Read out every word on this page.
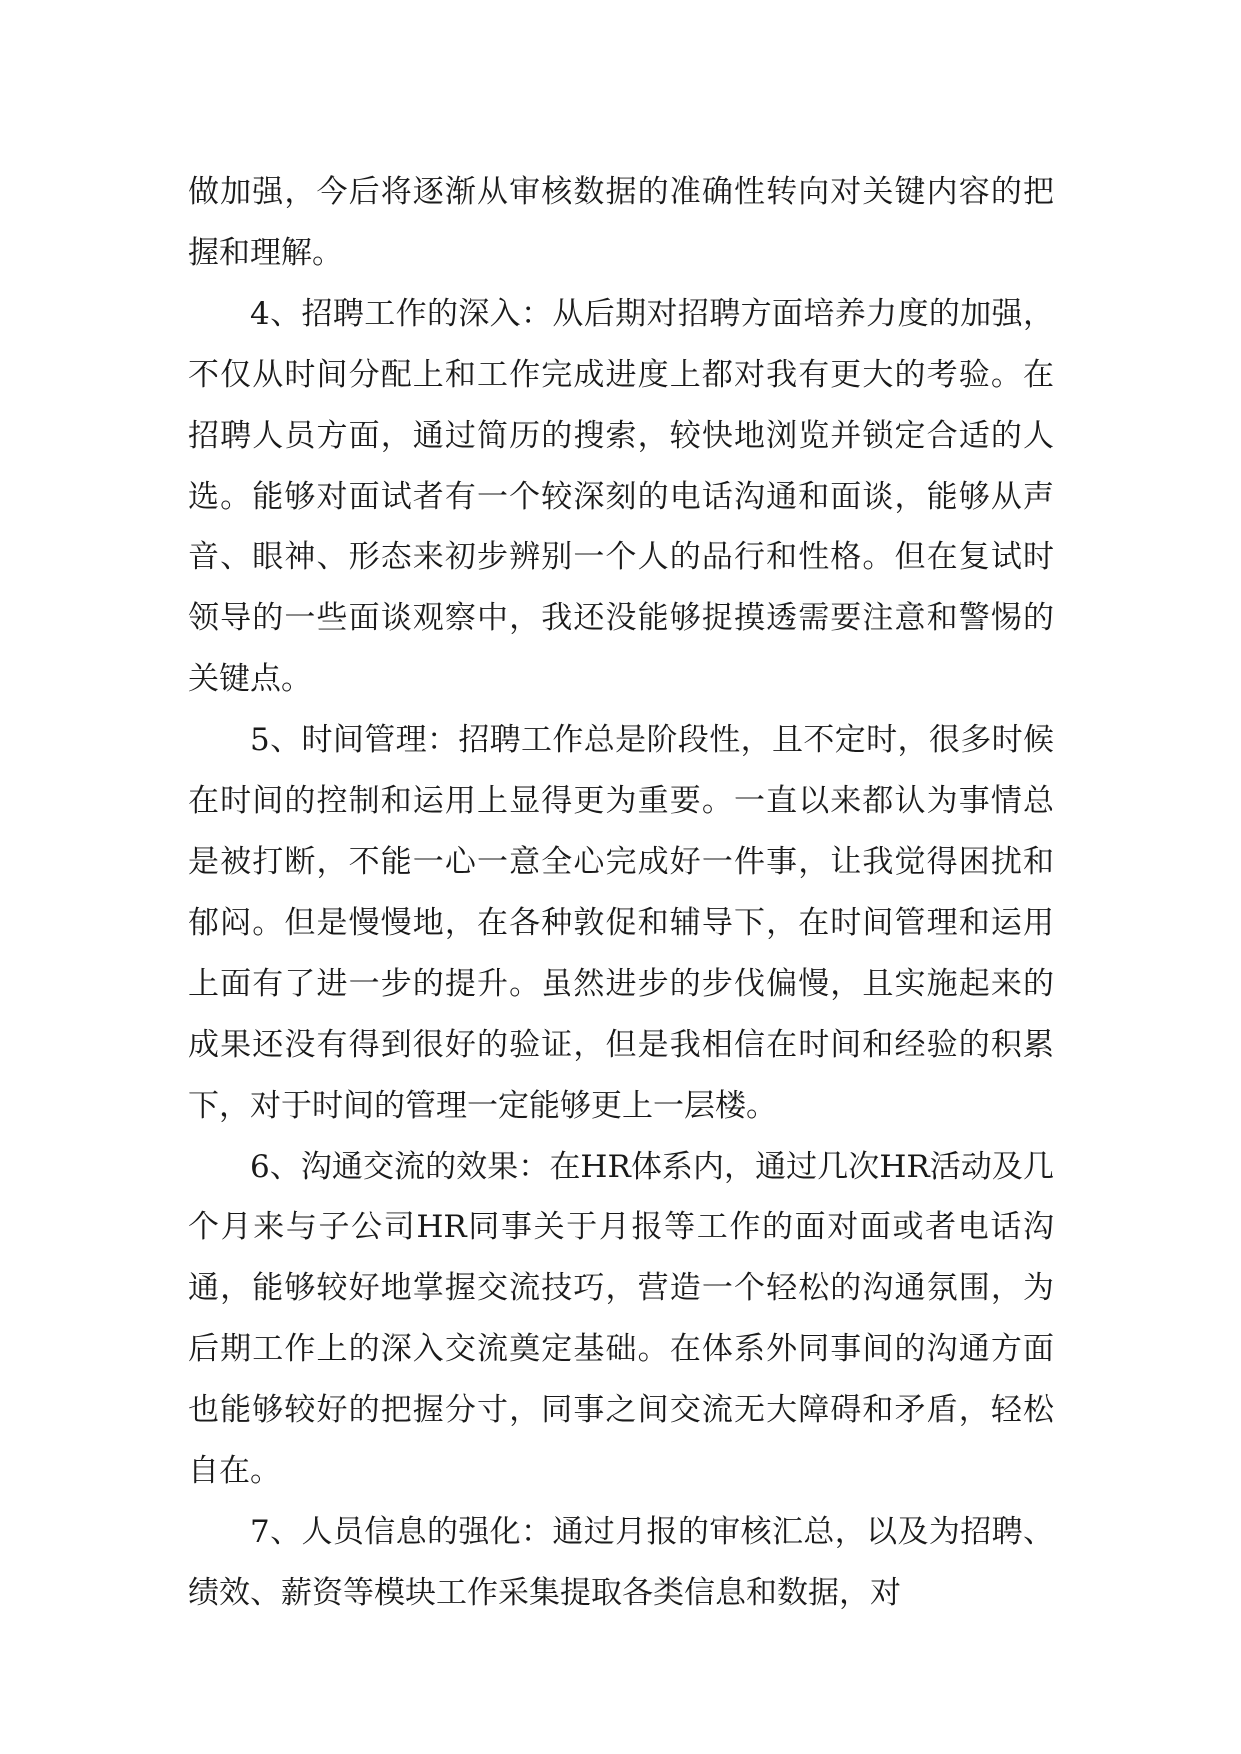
做加强，今后将逐渐从审核数据的准确性转向对关键内容的把握和理解。

4、招聘工作的深入：从后期对招聘方面培养力度的加强，不仅从时间分配上和工作完成进度上都对我有更大的考验。在招聘人员方面，通过简历的搜索，较快地浏览并锁定合适的人选。能够对面试者有一个较深刻的电话沟通和面谈，能够从声音、眼神、形态来初步辨别一个人的品行和性格。但在复试时领导的一些面谈观察中，我还没能够捉摸透需要注意和警惕的关键点。

5、时间管理：招聘工作总是阶段性，且不定时，很多时候在时间的控制和运用上显得更为重要。一直以来都认为事情总是被打断，不能一心一意全心完成好一件事，让我觉得困扰和郁闷。但是慢慢地，在各种敦促和辅导下，在时间管理和运用上面有了进一步的提升。虽然进步的步伐偏慢，且实施起来的成果还没有得到很好的验证，但是我相信在时间和经验的积累下，对于时间的管理一定能够更上一层楼。

6、沟通交流的效果：在HR体系内，通过几次HR活动及几个月来与子公司HR同事关于月报等工作的面对面或者电话沟通，能够较好地掌握交流技巧，营造一个轻松的沟通氛围，为后期工作上的深入交流奠定基础。在体系外同事间的沟通方面也能够较好的把握分寸，同事之间交流无大障碍和矛盾，轻松自在。

7、人员信息的强化：通过月报的审核汇总，以及为招聘、绩效、薪资等模块工作采集提取各类信息和数据，对
